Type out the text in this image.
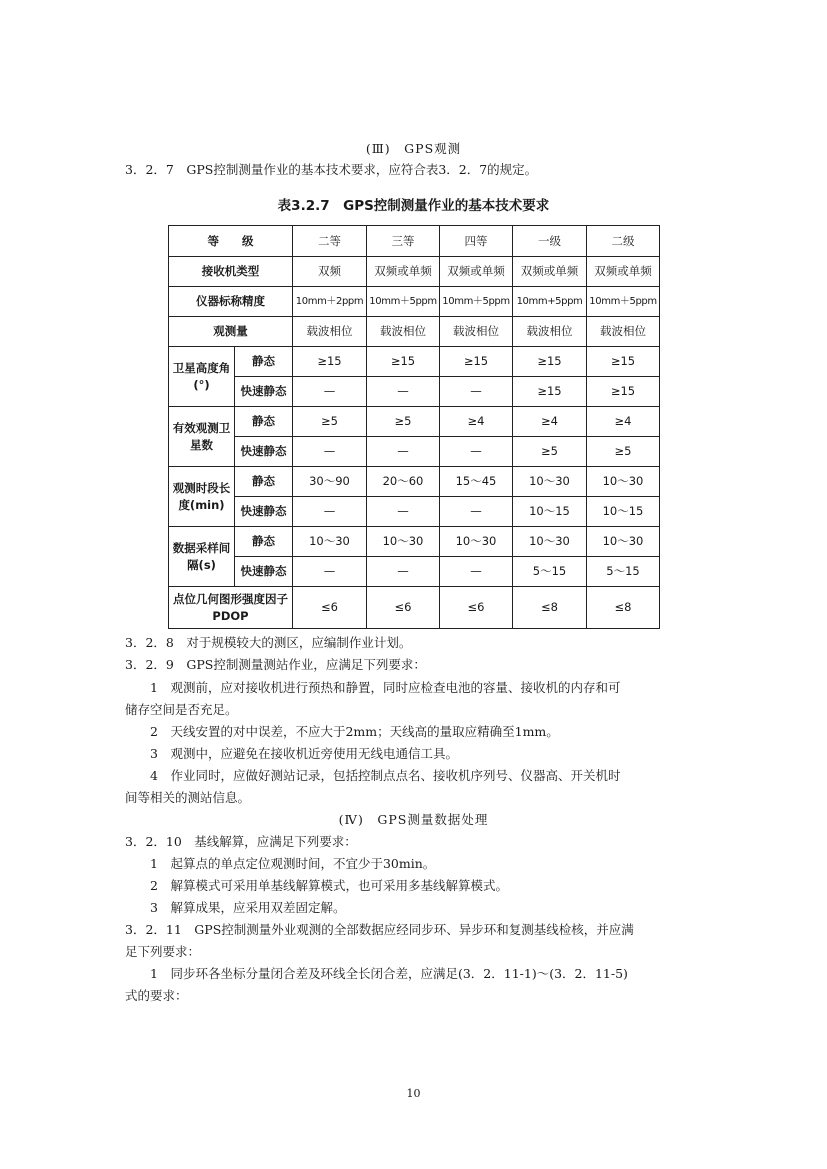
(Ⅲ)　GPS观测
3．2．7　GPS控制测量作业的基本技术要求，应符合表3．2．7的规定。
表3.2.7　GPS控制测量作业的基本技术要求
等　　级		二等	三等	四等	一级	二级
接收机类型		双频	双频或单频	双频或单频	双频或单频	双频或单频
仪器标称精度		10mm＋2ppm	10mm＋5ppm	10mm＋5ppm	10mm+5ppm	10mm＋5ppm
观测量		载波相位	载波相位	载波相位	载波相位	载波相位
卫星高度角(°)	静态	≥15	≥15	≥15	≥15	≥15
	快速静态	—	—	—	≥15	≥15
有效观测卫星数	静态	≥5	≥5	≥4	≥4	≥4
	快速静态	—	—	—	≥5	≥5
观测时段长度(min)	静态	30～90	20～60	15～45	10～30	10～30
	快速静态	—	—	—	10～15	10～15
数据采样间隔(s)	静态	10～30	10～30	10～30	10～30	10～30
	快速静态	—	—	—	5～15	5～15
点位几何图形强度因子PDOP		≤6	≤6	≤6	≤8	≤8
3．2．8　对于规模较大的测区，应编制作业计划。
3．2．9　GPS控制测量测站作业，应满足下列要求：
1　观测前，应对接收机进行预热和静置，同时应检查电池的容量、接收机的内存和可
储存空间是否充足。
2　天线安置的对中误差，不应大于2mm；天线高的量取应精确至1mm。
3　观测中，应避免在接收机近旁使用无线电通信工具。
4　作业同时，应做好测站记录，包括控制点点名、接收机序列号、仪器高、开关机时
间等相关的测站信息。
(Ⅳ)　GPS测量数据处理
3．2．10　基线解算，应满足下列要求：
1　起算点的单点定位观测时间，不宜少于30min。
2　解算模式可采用单基线解算模式，也可采用多基线解算模式。
3　解算成果，应采用双差固定解。
3．2．11　GPS控制测量外业观测的全部数据应经同步环、异步环和复测基线检核，并应满
足下列要求：
1　同步环各坐标分量闭合差及环线全长闭合差，应满足(3．2．11-1)～(3．2．11-5)
式的要求：
10
